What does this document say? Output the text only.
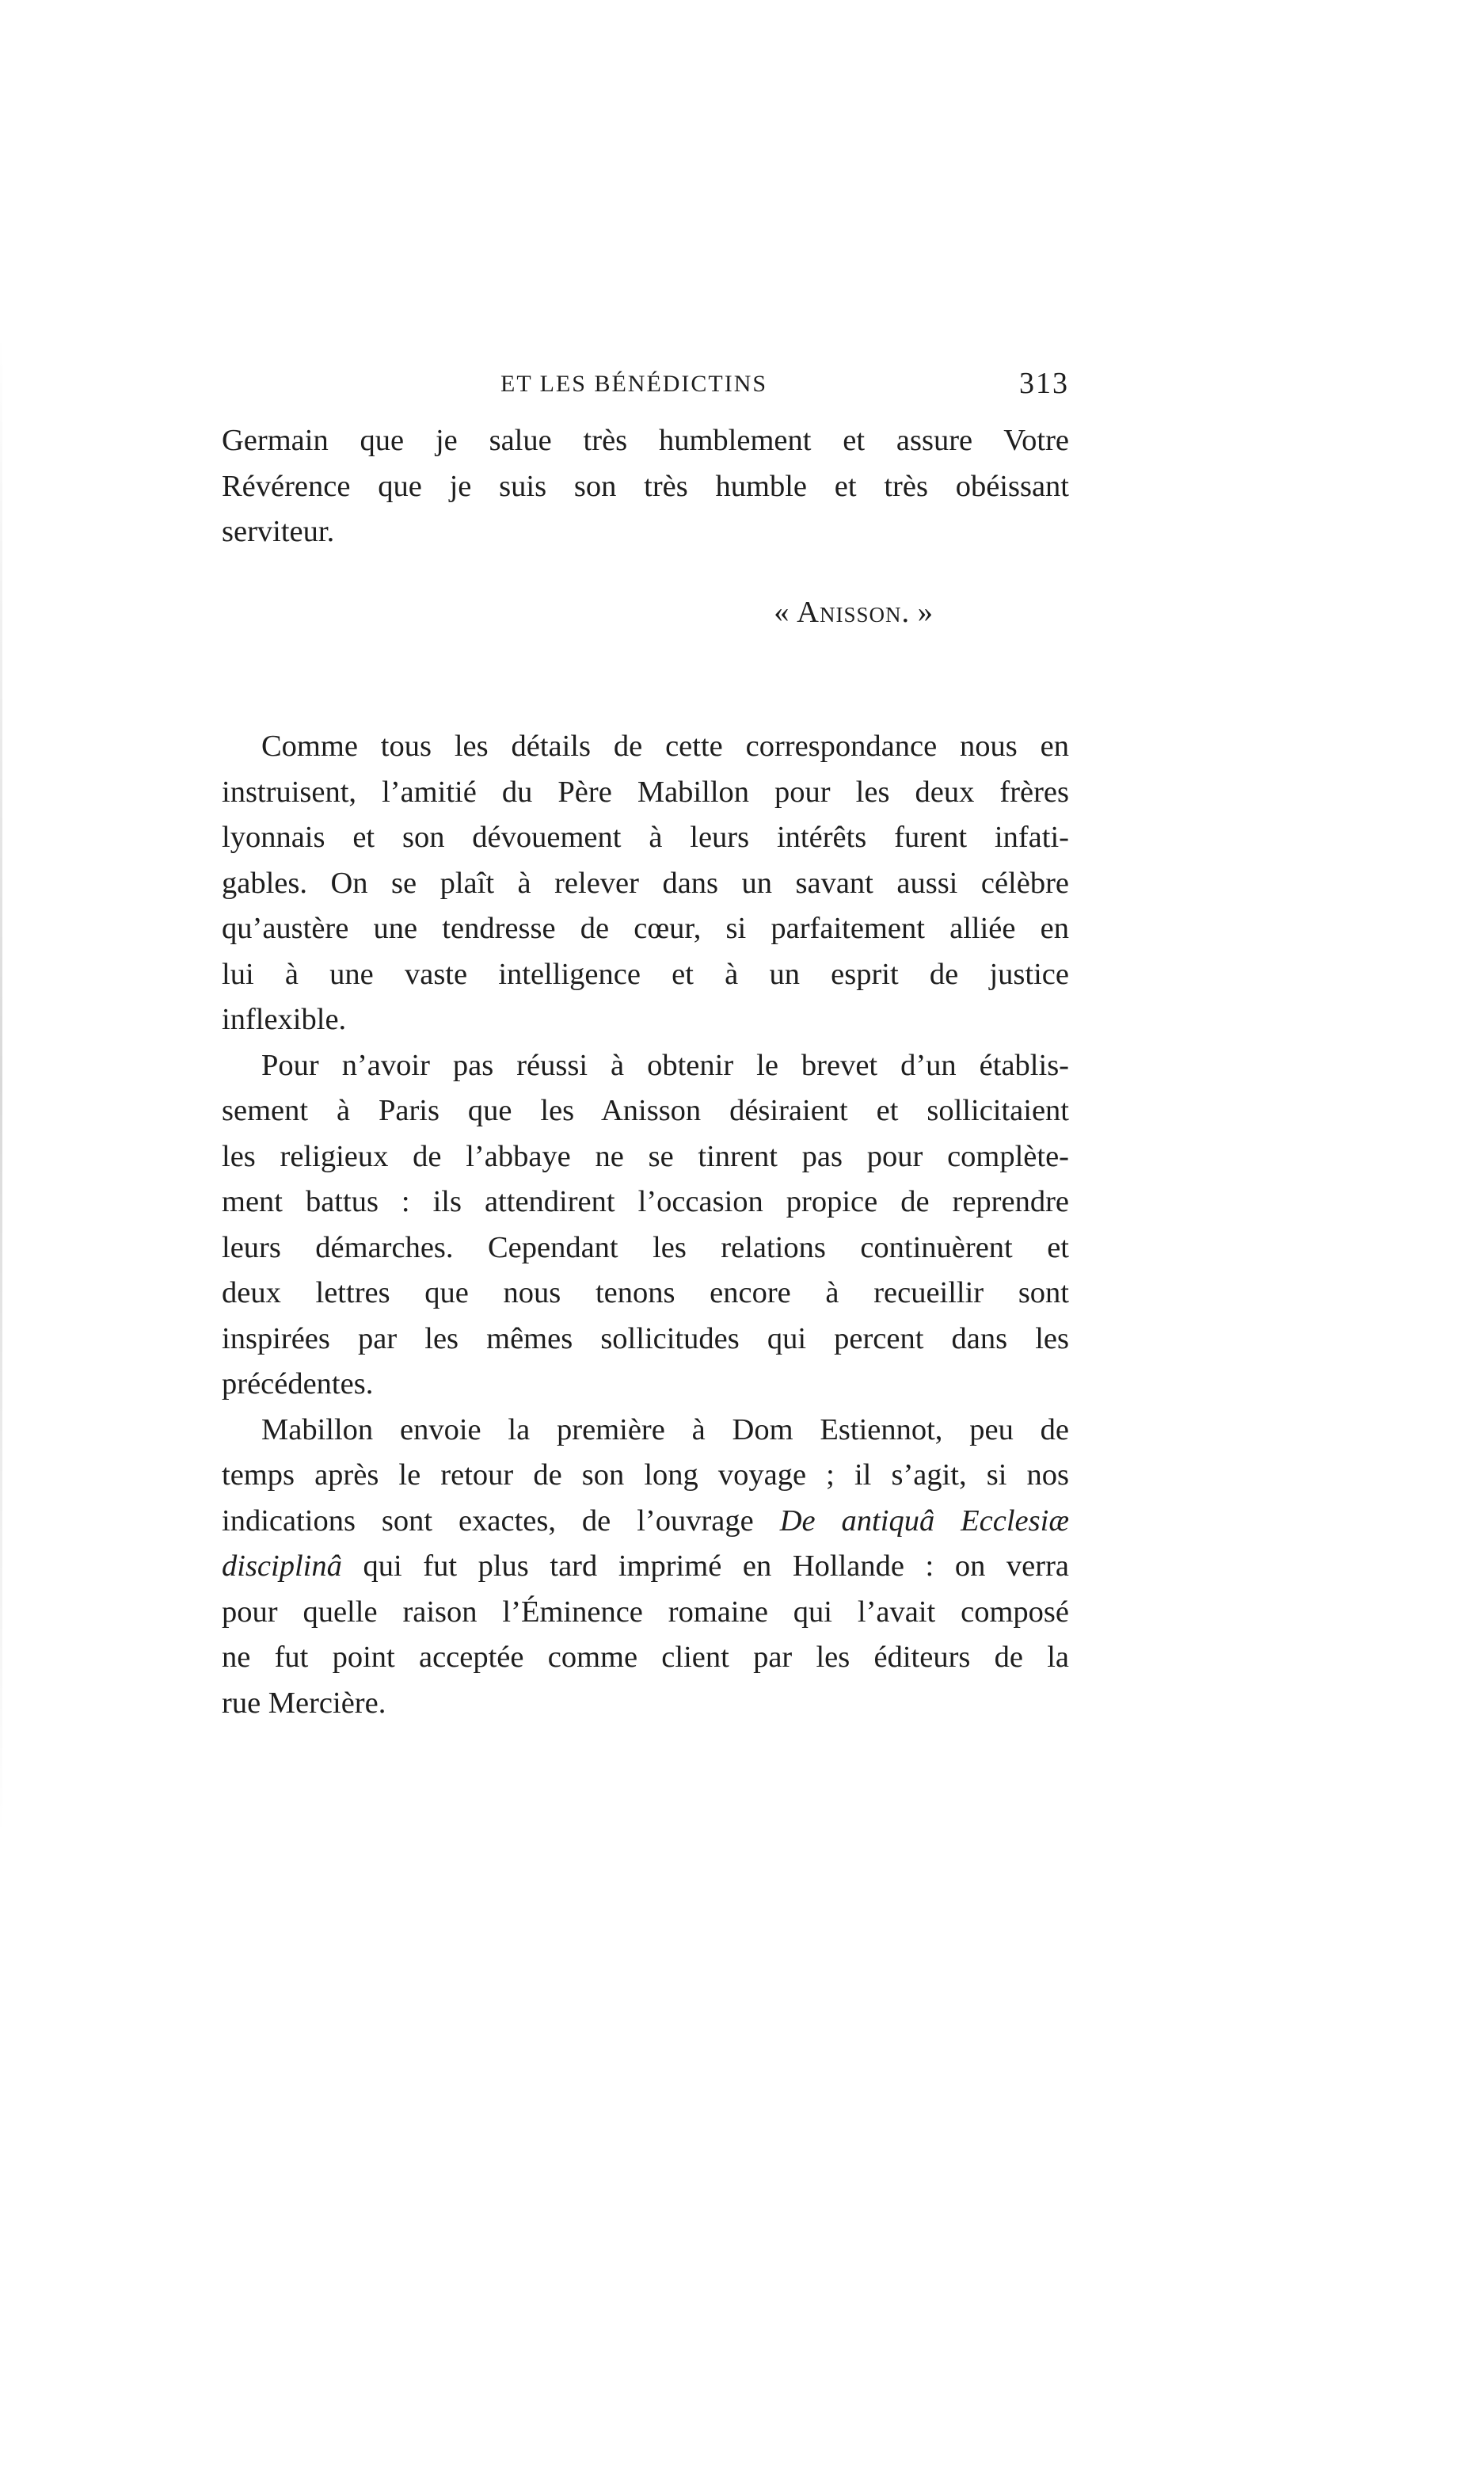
ET LES BÉNÉDICTINS	313

Germain que je salue très humblement et assure Votre

Révérence que je suis son très humble et très obéissant

serviteur.

« Anisson. »

Comme tous les détails de cette correspondance nous en

instruisent, l’amitié du Père Mabillon pour les deux frères

lyonnais et son dévouement à leurs intérêts furent infati-

gables. On se plaît à relever dans un savant aussi célèbre

qu’austère une tendresse de cœur, si parfaitement alliée en

lui à une vaste intelligence et à un esprit de justice

inflexible.

Pour n’avoir pas réussi à obtenir le brevet d’un établis-

sement à Paris que les Anisson désiraient et sollicitaient

les religieux de l’abbaye ne se tinrent pas pour complète-

ment battus : ils attendirent l’occasion propice de reprendre

leurs démarches. Cependant les relations continuèrent et

deux lettres que nous tenons encore à recueillir sont

inspirées par les mêmes sollicitudes qui percent dans les

précédentes.

Mabillon envoie la première à Dom Estiennot, peu de

temps après le retour de son long voyage ; il s’agit, si nos

indications sont exactes, de l’ouvrage De antiquâ Ecclesiæ

disciplinâ qui fut plus tard imprimé en Hollande : on verra

pour quelle raison l’Éminence romaine qui l’avait composé

ne fut point acceptée comme client par les éditeurs de la

rue Mercière.
